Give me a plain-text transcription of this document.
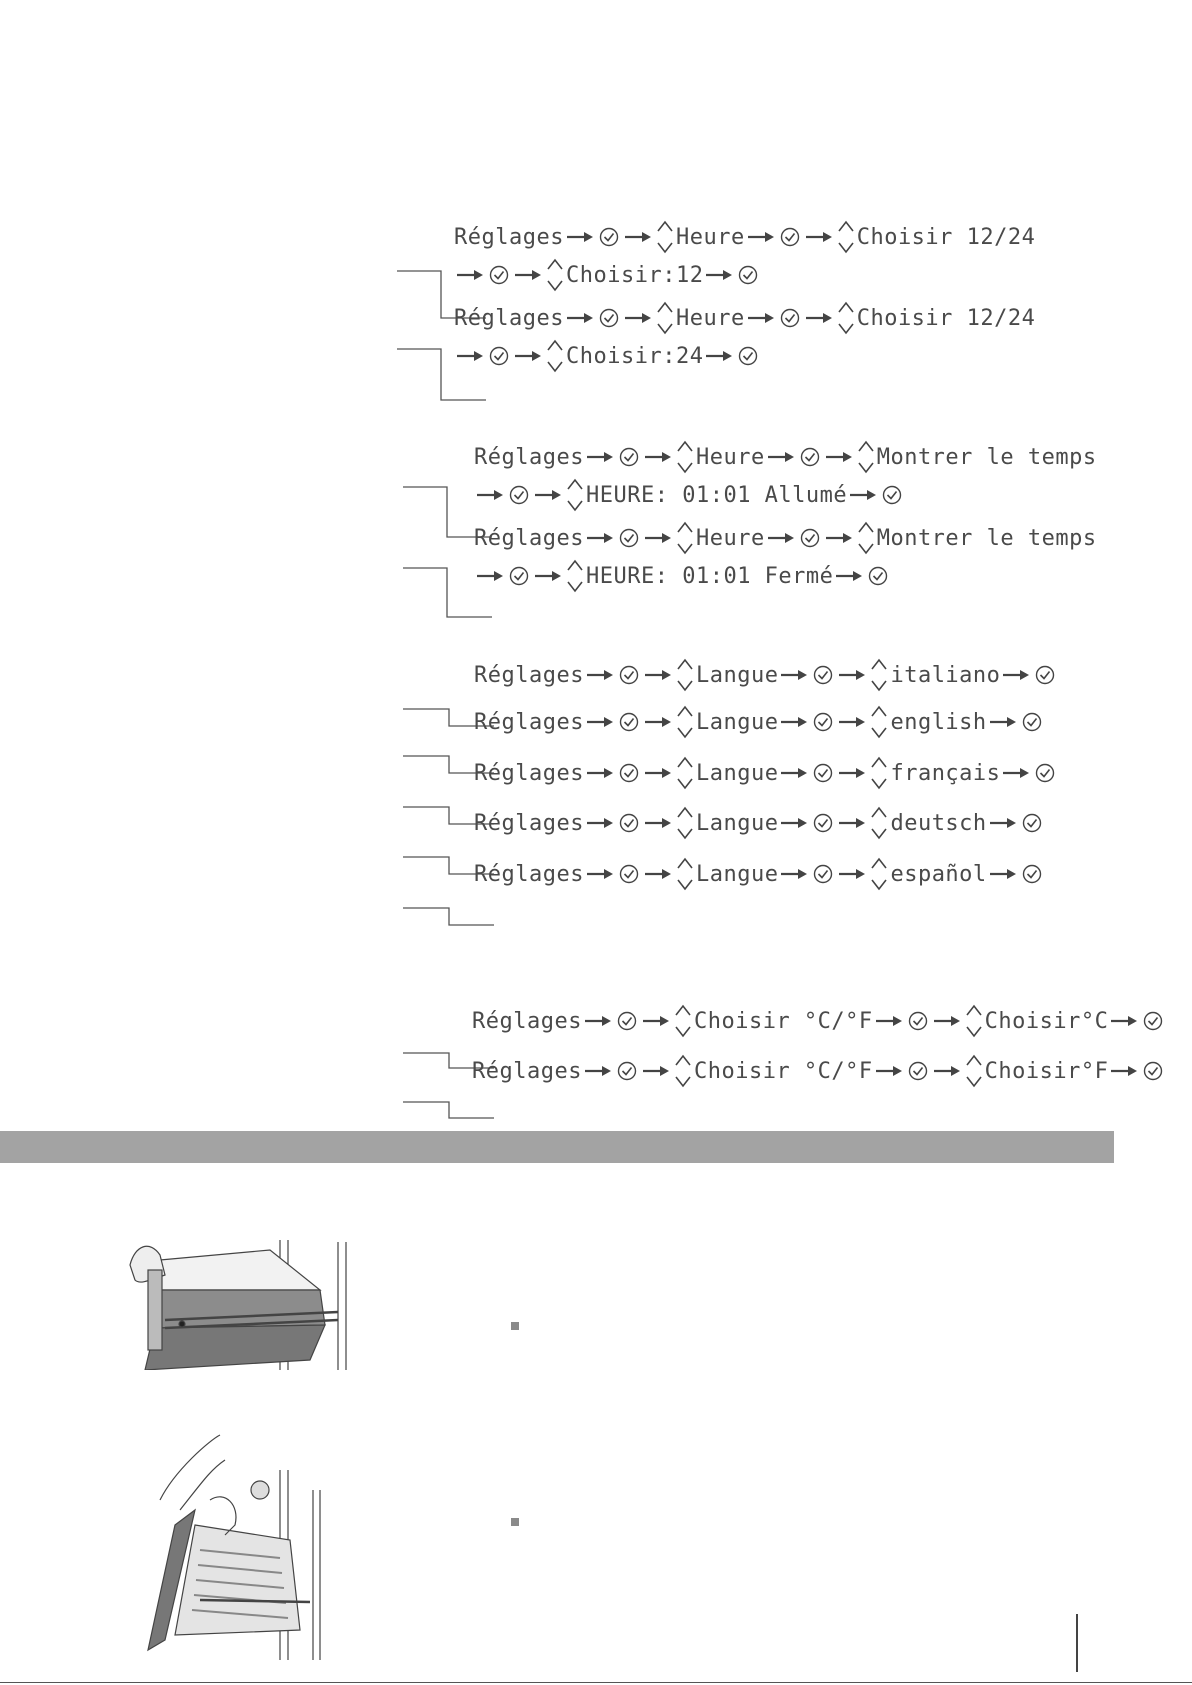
Réglages	Heure	Choisir 12/24
Choisir:12
Réglages	Heure	Choisir 12/24
Choisir:24
Réglages	Heure	Montrer le temps
HEURE: 01:01 Allumé
Réglages	Heure	Montrer le temps
HEURE: 01:01 Fermé
Réglages	Langue	italiano
Réglages	Langue	english
Réglages	Langue	français
Réglages	Langue	deutsch
Réglages	Langue	español
Réglages	Choisir °C/°F	Choisir°C
Réglages	Choisir °C/°F	Choisir°F
